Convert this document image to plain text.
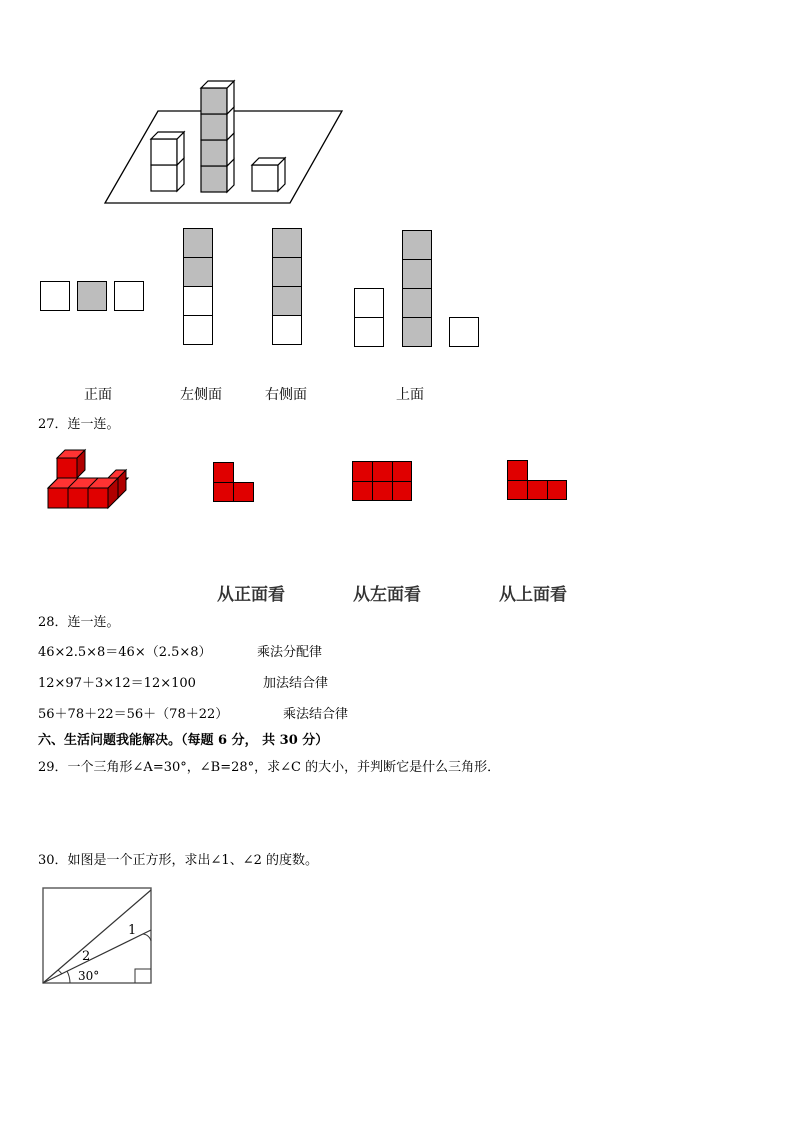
正面	左侧面	右侧面	上面
27．连一连。
从正面看	从左面看	从上面看
28．连一连。
46×2.5×8＝46×（2.5×8）
12×97＋3×12＝12×100
56＋78＋22＝56＋（78＋22）
乘法分配律
加法结合律
乘法结合律
六、生活问题我能解决。（每题 6 分， 共 30 分）
29．一个三角形∠A=30°，∠B=28°，求∠C 的大小，并判断它是什么三角形．
30．如图是一个正方形，求出∠1、∠2 的度数。
1
2
30°
